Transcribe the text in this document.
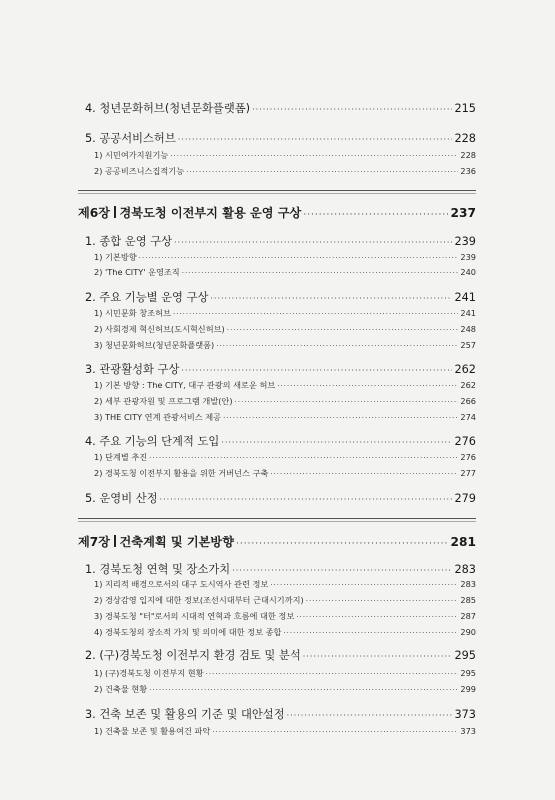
4. 청년문화허브(청년문화플랫폼) ·····	215
5. 공공서비스허브 ·····	228
1) 시민여가지원기능 ·····	228
2) 공공비즈니스집적기능 ·····	236
제6장 경북도청 이전부지 활용 운영 구상 ·····	237
1. 종합 운영 구상 ·····	239
1) 기본방향 ·····	239
2) 'The CITY' 운영조직 ·····	240
2. 주요 기능별 운영 구상 ·····	241
1) 시민문화 창조허브 ·····	241
2) 사회경제 혁신허브(도시혁신허브) ·····	248
3) 청년문화허브(청년문화플랫폼) ·····	257
3. 관광활성화 구상 ·····	262
1) 기본 방향 : The CITY, 대구 관광의 새로운 허브 ·····	262
2) 세부 관광자원 및 프로그램 개발(안) ·····	266
3) THE CITY 연계 관광서비스 제공 ·····	274
4. 주요 기능의 단계적 도입 ·····	276
1) 단계별 추진 ·····	276
2) 경북도청 이전부지 활용을 위한 거버넌스 구축 ·····	277
5. 운영비 산정 ·····	279
제7장 건축계획 및 기본방향 ·····	281
1. 경북도청 연혁 및 장소가치 ·····	283
1) 지리적 배경으로서의 대구 도시역사 관련 정보 ·····	283
2) 경상감영 입지에 대한 정보(조선시대부터 근대시기까지) ·····	285
3) 경북도청 "터"로서의 시대적 연혁과 흐름에 대한 정보 ·····	287
4) 경북도청의 장소적 가치 및 의미에 대한 정보 종합 ·····	290
2. (구)경북도청 이전부지 환경 검토 및 분석 ·····	295
1) (구)경북도청 이전부지 현황 ·····	295
2) 건축물 현황 ·····	299
3. 건축 보존 및 활용의 기준 및 대안설정 ·····	373
1) 건축물 보존 및 활용여건 파악 ·····	373
